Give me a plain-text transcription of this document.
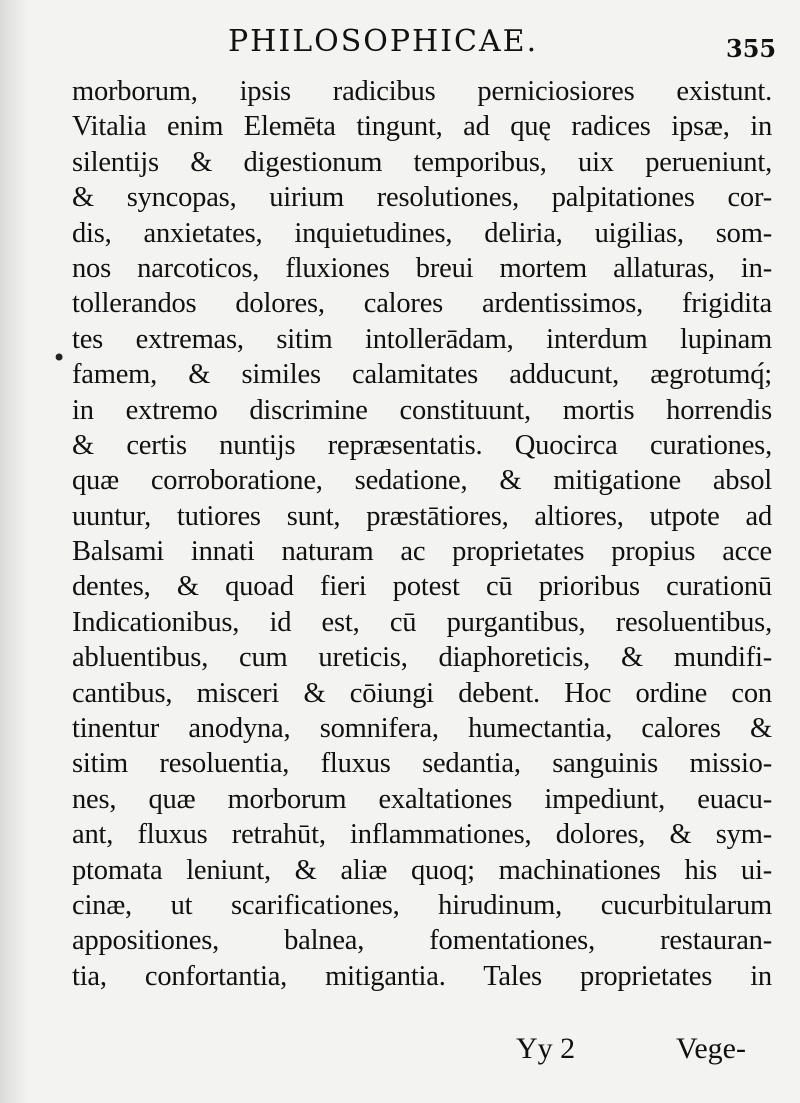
PHILOSOPHICAE.	355
•
morborum, ipsis radicibus perniciosiores existunt.
Vitalia enim Elemēta tingunt, ad quę radices ipsæ, in
silentijs & digestionum temporibus, uix perueniunt,
& syncopas, uirium resolutiones, palpitationes cor-
dis, anxietates, inquietudines, deliria, uigilias, som-
nos narcoticos, fluxiones breui mortem allaturas, in-
tollerandos dolores, calores ardentissimos, frigidita
tes extremas, sitim intollerādam, interdum lupinam
famem, & similes calamitates adducunt, ægrotumq́;
in extremo discrimine constituunt, mortis horrendis
& certis nuntijs repræsentatis. Quocirca curationes,
quæ corroboratione, sedatione, & mitigatione absol
uuntur, tutiores sunt, præstātiores, altiores, utpote ad
Balsami innati naturam ac proprietates propius acce
dentes, & quoad fieri potest cū prioribus curationū
Indicationibus, id est, cū purgantibus, resoluentibus,
abluentibus, cum ureticis, diaphoreticis, & mundifi-
cantibus, misceri & cōiungi debent. Hoc ordine con
tinentur anodyna, somnifera, humectantia, calores &
sitim resoluentia, fluxus sedantia, sanguinis missio-
nes, quæ morborum exaltationes impediunt, euacu-
ant, fluxus retrahūt, inflammationes, dolores, & sym-
ptomata leniunt, & aliæ quoq; machinationes his ui-
cinæ, ut scarificationes, hirudinum, cucurbitularum
appositiones, balnea, fomentationes, restauran-
tia, confortantia, mitigantia. Tales proprietates in
Yy 2	Vege-
